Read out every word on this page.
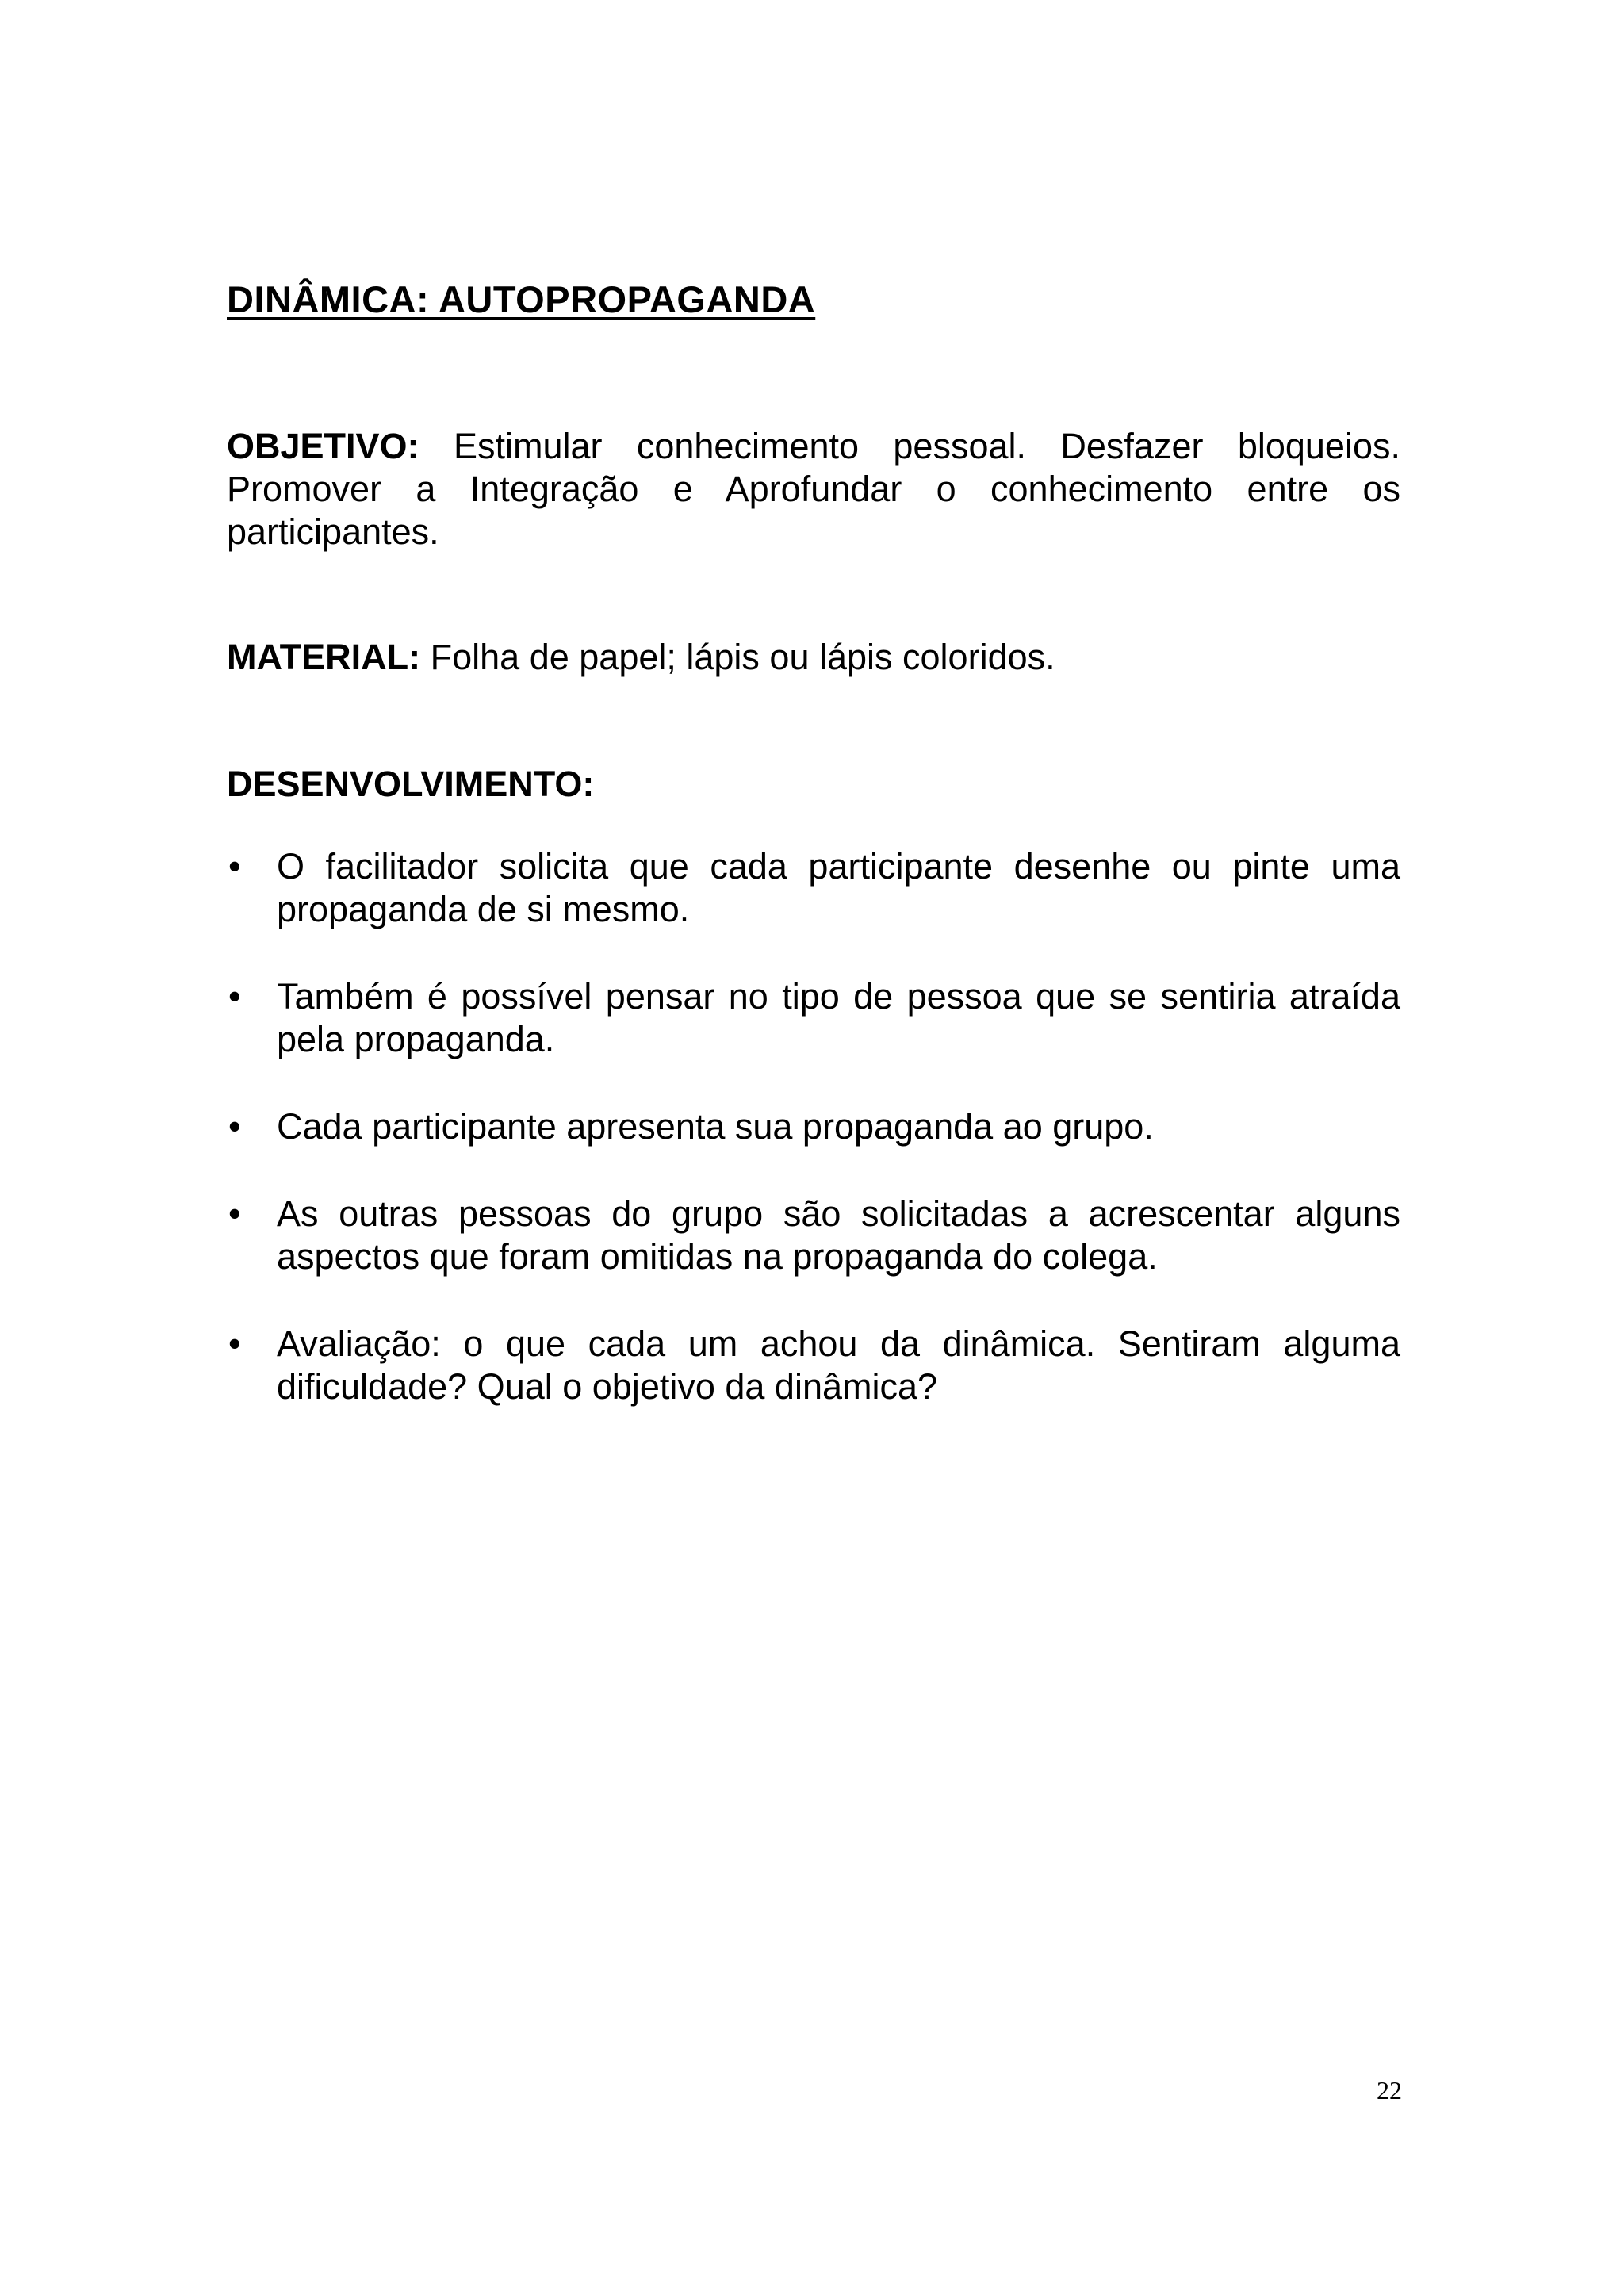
DINÂMICA: AUTOPROPAGANDA
OBJETIVO: Estimular conhecimento pessoal. Desfazer bloqueios. Promover a Integração e Aprofundar o conhecimento entre os participantes.
MATERIAL: Folha de papel; lápis ou lápis coloridos.
DESENVOLVIMENTO:
•	O facilitador solicita que cada participante desenhe ou pinte uma propaganda de si mesmo.
•	Também é possível pensar no tipo de pessoa que se sentiria atraída pela propaganda.
•	Cada participante apresenta sua propaganda ao grupo.
•	As outras pessoas do grupo são solicitadas a acrescentar alguns aspectos que foram omitidas na propaganda do colega.
•	Avaliação: o que cada um achou da dinâmica. Sentiram alguma dificuldade? Qual o objetivo da dinâmica?
22
